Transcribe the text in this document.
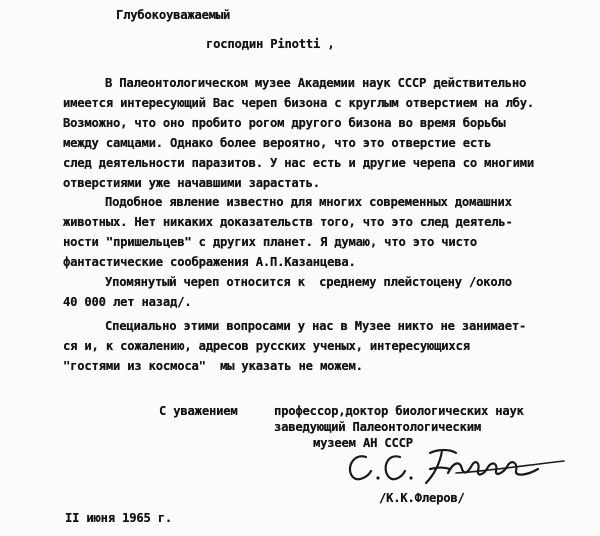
Глубокоуважаемый
господин Pinotti ,
В Палеонтологическом музее Академии наук СССР действительно
имеется интересующий Вас череп бизона с круглым отверстием на лбу.
Возможно, что оно пробито рогом другого бизона во время борьбы
между самцами. Однако более вероятно, что это отверстие есть
след деятельности паразитов. У нас есть и другие черепа со многими
отверстиями уже начавшими зарастать.
Подобное явление известно для многих современных домашних
животных. Нет никаких доказательств того, что это след деятель-
ности "пришельцев" с других планет. Я думаю, что это чисто
фантастические соображения А.П.Казанцева.
Упомянутый череп относится к  среднему плейстоцену /около
40 000 лет назад/.
Специально этими вопросами у нас в Музее никто не занимает-
ся и, к сожалению, адресов русских ученых, интересующихся
"гостями из космоса"  мы указать не можем.
С уважением	профессор,доктор биологических наук
заведующий Палеонтологическим
музеем АН СССР
/К.К.Флеров/
II июня 1965 г.
